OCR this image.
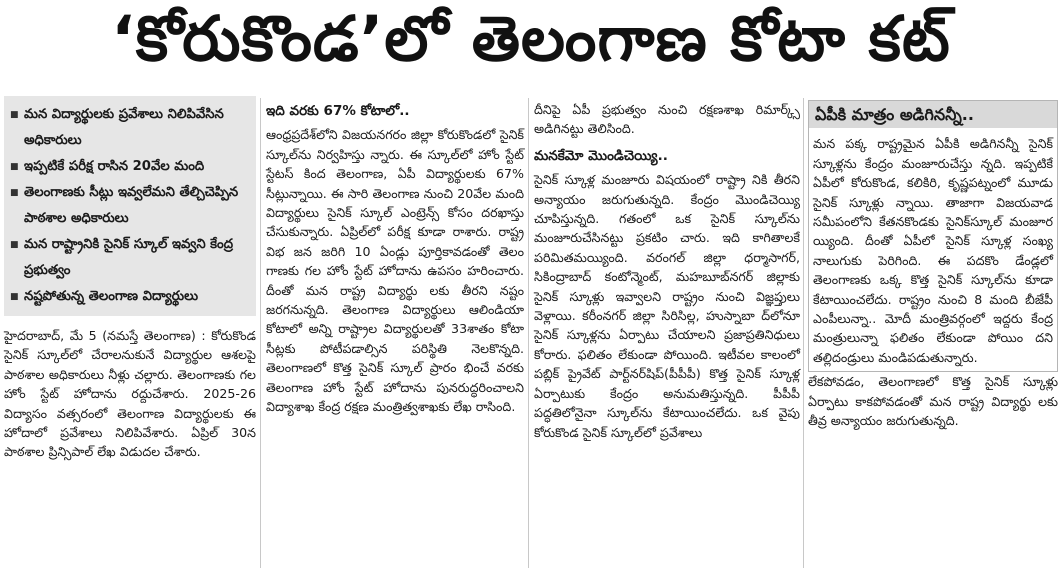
‘కోరుకొండ’లో తెలంగాణ కోటా కట్
■ మన విద్యార్థులకు ప్రవేశాలు నిలిపివేసిన అధికారులు
■ ఇప్పటికే పరీక్ష రాసిన 20వేల మంది
■ తెలంగాణకు సీట్లు ఇవ్వలేమని తేల్చిచెప్పిన పాఠశాల అధికారులు
■ మన రాష్ట్రానికి సైనిక్ స్కూల్ ఇవ్వని కేంద్ర ప్రభుత్వం
■ నష్టపోతున్న తెలంగాణ విద్యార్థులు

హైదరాబాద్, మే 5 (నమస్తే తెలంగాణ) : కోరుకొండ సైనిక్ స్కూల్‌లో చేరాలనుకునే విద్యార్థుల ఆశలపై పాఠశాల అధికారులు నీళ్లు చల్లారు. తెలంగాణకు గల హోం స్టేట్ హోదాను రద్దుచేశారు. 2025-26 విద్యాసం వత్సరంలో తెలంగాణ విద్యార్థులకు ఈ హోదాలో ప్రవేశాలు నిలిపివేశారు. ఏప్రిల్ 30న పాఠశాల ప్రిన్సిపాల్ లేఖ విడుదల చేశారు.

ఇది వరకు 67% కోటాలో..

ఆంధ్రప్రదేశ్‌లోని విజయనగరం జిల్లా కోరుకొండలో సైనిక్ స్కూల్‌ను నిర్వహిస్తు న్నారు. ఈ స్కూల్‌లో హోం స్టేట్ స్టేటస్ కింద తెలంగాణ, ఏపీ విద్యార్థులకు 67% సీట్లున్నాయి. ఈ సారి తెలంగాణ నుంచి 20వేల మంది విద్యార్థులు సైనిక్ స్కూల్ ఎంట్రెన్స్ కోసం దరఖాస్తు చేసుకున్నారు. ఏప్రిల్‌లో పరీక్ష కూడా రాశారు. రాష్ట్ర విభ జన జరిగి 10 ఏండ్లు పూర్తికావడంతో తెలం గాణకు గల హోం స్టేట్ హోదాను ఉపసం హరించారు. దీంతో మన రాష్ట్ర విద్యార్థు లకు తీరని నష్టం జరగనున్నది. తెలంగాణ విద్యార్థులు ఆలిండియా కోటాలో అన్ని రాష్ట్రాల విద్యార్థులతో 33శాతం కోటా సీట్లకు పోటీపడాల్సిన పరిస్థితి నెలకొన్నది. తెలంగాణలో కొత్త సైనిక్ స్కూల్ ప్రారం భించే వరకు తెలంగాణ హోం స్టేట్ హోదాను పునరుద్ధరించాలని విద్యాశాఖ కేంద్ర రక్షణ మంత్రిత్వశాఖకు లేఖ రాసింది.

దీనిపై ఏపీ ప్రభుత్వం నుంచి రక్షణశాఖ రిమార్క్స్ అడిగినట్టు తెలిసింది.

మనకేమో మొండిచెయ్యి..

సైనిక్ స్కూళ్ల మంజూరు విషయంలో రాష్ట్రా నికి తీరని అన్యాయం జరుగుతున్నది. కేంద్రం మొండిచెయ్యి చూపిస్తున్నది. గతంలో ఒక సైనిక్ స్కూల్‌ను మంజూరుచేసినట్టు ప్రకటిం చారు. ఇది కాగితాలకే పరిమితమయ్యింది. వరంగల్ జిల్లా ధర్మాసాగర్, సికింద్రాబాద్ కంటోన్మెంట్, మహబూబ్‌నగర్ జిల్లాకు సైనిక్ స్కూళ్లు ఇవ్వాలని రాష్ట్రం నుంచి విజ్ఞప్తులు వెళ్లాయి. కరీంనగర్ జిల్లా సిరిసిల్ల, హుస్నాబా ద్‌లోనూ సైనిక్ స్కూళ్లను ఏర్పాటు చేయాలని ప్రజాప్రతినిధులు కోరారు. ఫలితం లేకుండా పోయింది. ఇటీవల కాలంలో పబ్లిక్ ప్రైవేట్ పార్ట్‌నర్‌షిప్(పీపీపీ) కొత్త సైనిక్ స్కూళ్ల ఏర్పాటుకు కేంద్రం అనుమతిస్తున్నది. పీపీపీ పద్ధతిలోనైనా స్కూల్‌ను కేటాయించలేదు. ఒక వైపు కోరుకొండ సైనిక్ స్కూల్‌లో ప్రవేశాలు

ఏపీకి మాత్రం అడిగినన్నీ..

మన పక్క రాష్ట్రమైన ఏపీకి అడిగినన్నీ సైనిక్ స్కూళ్లను కేంద్రం మంజూరుచేస్తు న్నది. ఇప్పటికే ఏపీలో కోరుకొండ, కలికిరి, కృష్ణపట్నంలో మూడు సైనిక్ స్కూళ్లు న్నాయి. తాజాగా విజయవాడ సమీపంలోని కేతనకొండకు సైనిక్‌స్కూల్ మంజూర య్యింది. దీంతో ఏపీలో సైనిక్ స్కూళ్ల సంఖ్య నాలుగుకు పెరిగింది. ఈ పదకొం డేండ్లలో తెలంగాణకు ఒక్క కొత్త సైనిక్ స్కూల్‌ను కూడా కేటాయించలేదు. రాష్ట్రం నుంచి 8 మంది బీజేపీ ఎంపీలున్నా.. మోదీ మంత్రివర్గంలో ఇద్దరు కేంద్ర మంత్రులున్నా ఫలితం లేకుండా పోయిం దని తల్లిదండ్రులు మండిపడుతున్నారు.

లేకపోవడం, తెలంగాణలో కొత్త సైనిక్ స్కూళ్లు ఏర్పాటు కాకపోవడంతో మన రాష్ట్ర విద్యార్థు లకు తీవ్ర అన్యాయం జరుగుతున్నది.
